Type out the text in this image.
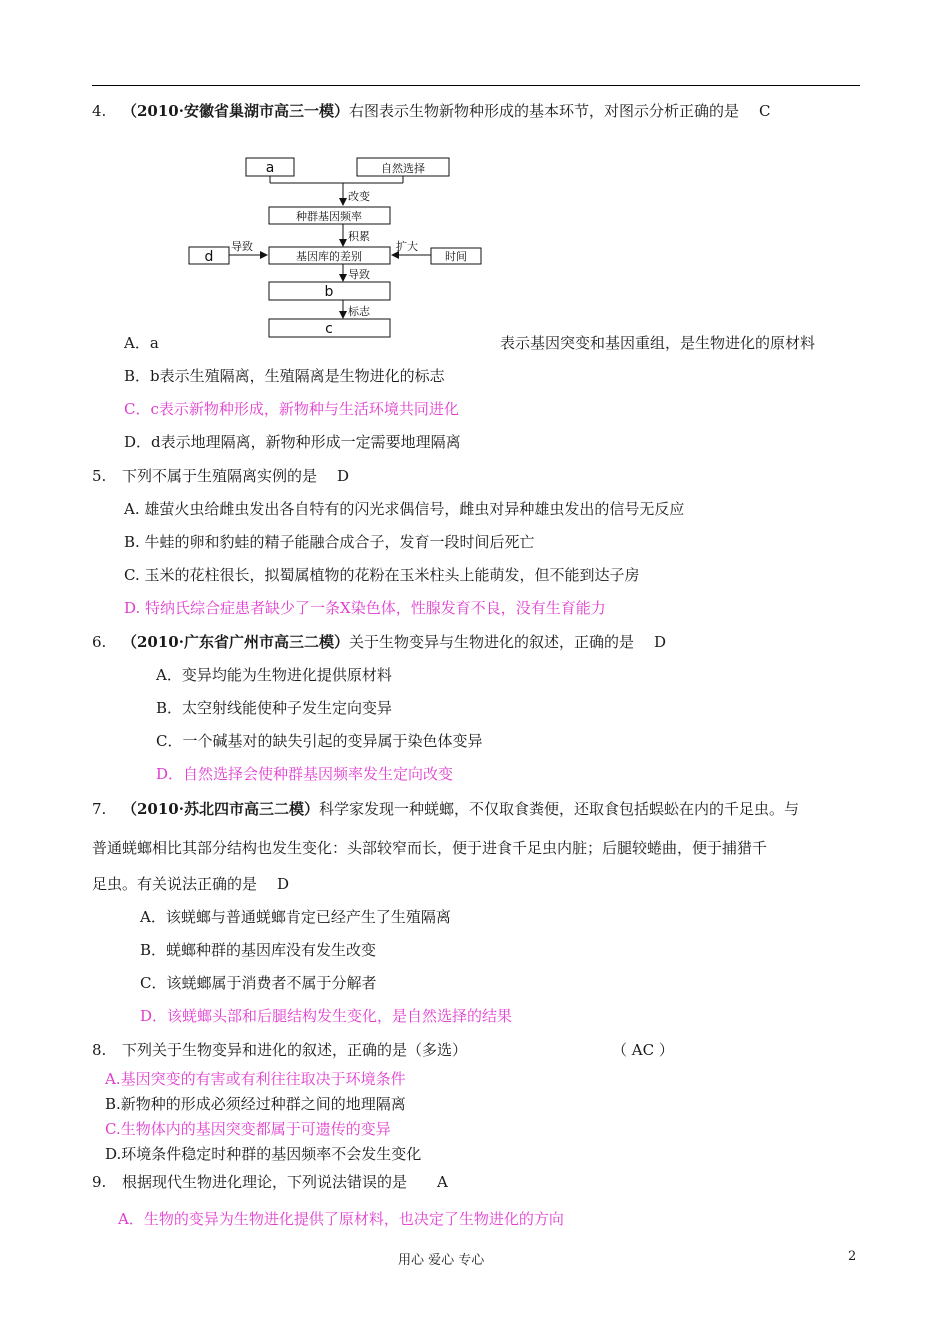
4. （2010·安徽省巢湖市高三一模）右图表示生物新物种形成的基本环节，对图示分析正确的是 C
a	自然选择
改变
种群基因频率
积累
d
导致
基因库的差别	时间
扩大
导致
b
标志
c
A．a	表示基因突变和基因重组，是生物进化的原材料
B．b表示生殖隔离，生殖隔离是生物进化的标志
C．c表示新物种形成，新物种与生活环境共同进化
D．d表示地理隔离，新物种形成一定需要地理隔离
5. 下列不属于生殖隔离实例的是 D
A. 雄萤火虫给雌虫发出各自特有的闪光求偶信号，雌虫对异种雄虫发出的信号无反应
B. 牛蛙的卵和豹蛙的精子能融合成合子，发育一段时间后死亡
C. 玉米的花柱很长，拟蜀属植物的花粉在玉米柱头上能萌发，但不能到达子房
D. 特纳氏综合症患者缺少了一条X染色体，性腺发育不良，没有生育能力
6. （2010·广东省广州市高三二模）关于生物变异与生物进化的叙述，正确的是 D
A．变异均能为生物进化提供原材料
B．太空射线能使种子发生定向变异
C．一个碱基对的缺失引起的变异属于染色体变异
D．自然选择会使种群基因频率发生定向改变
7. （2010·苏北四市高三二模）科学家发现一种蜣螂，不仅取食粪便，还取食包括蜈蚣在内的千足虫。与
普通蜣螂相比其部分结构也发生变化：头部较窄而长，便于进食千足虫内脏；后腿较蜷曲，便于捕猎千
足虫。有关说法正确的是 D
A．该蜣螂与普通蜣螂肯定已经产生了生殖隔离
B．蜣螂种群的基因库没有发生改变
C．该蜣螂属于消费者不属于分解者
D．该蜣螂头部和后腿结构发生变化，是自然选择的结果
8. 下列关于生物变异和进化的叙述，正确的是（多选）	（ AC ）
A.基因突变的有害或有利往往取决于环境条件
B.新物种的形成必须经过种群之间的地理隔离
C.生物体内的基因突变都属于可遗传的变异
D.环境条件稳定时种群的基因频率不会发生变化
9. 根据现代生物进化理论，下列说法错误的是 A
A．生物的变异为生物进化提供了原材料，也决定了生物进化的方向
用心 爱心 专心	2
